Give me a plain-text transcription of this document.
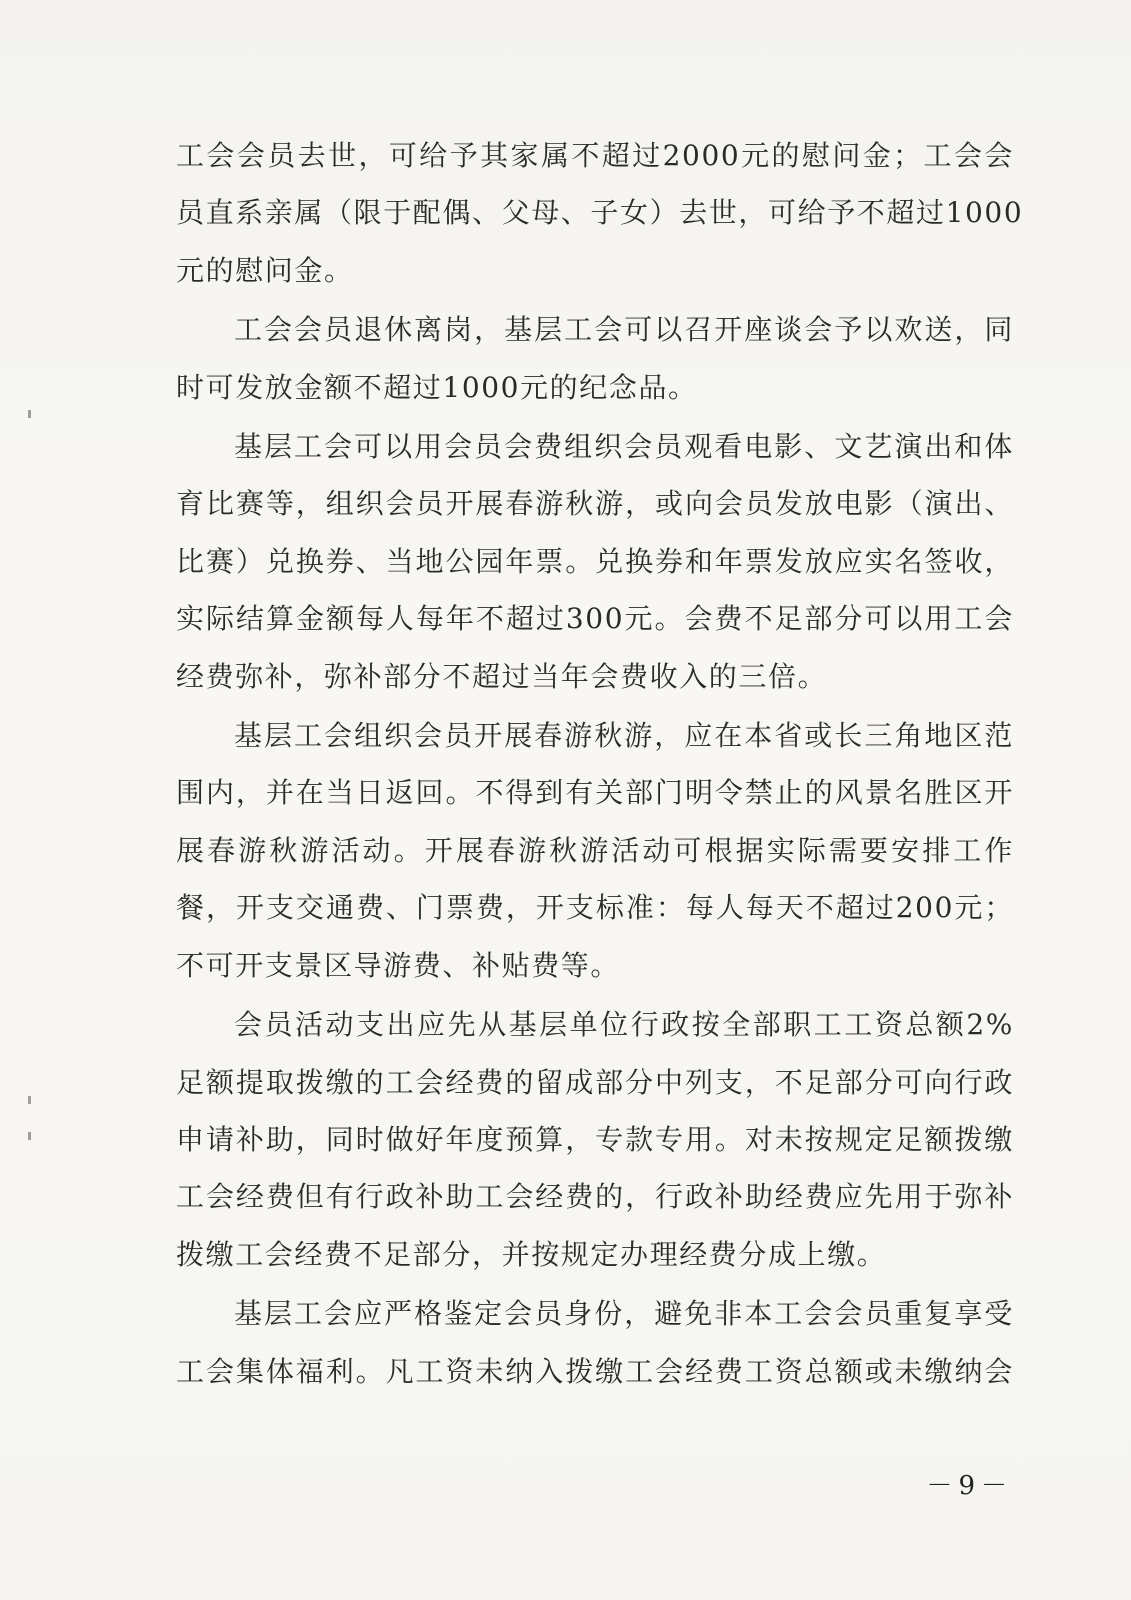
工会会员去世，可给予其家属不超过2000元的慰问金；工会会
员直系亲属（限于配偶、父母、子女）去世，可给予不超过1000
元的慰问金。

工会会员退休离岗，基层工会可以召开座谈会予以欢送，同
时可发放金额不超过1000元的纪念品。

基层工会可以用会员会费组织会员观看电影、文艺演出和体
育比赛等，组织会员开展春游秋游，或向会员发放电影（演出、
比赛）兑换券、当地公园年票。兑换券和年票发放应实名签收，
实际结算金额每人每年不超过300元。会费不足部分可以用工会
经费弥补，弥补部分不超过当年会费收入的三倍。

基层工会组织会员开展春游秋游，应在本省或长三角地区范
围内，并在当日返回。不得到有关部门明令禁止的风景名胜区开
展春游秋游活动。开展春游秋游活动可根据实际需要安排工作
餐，开支交通费、门票费，开支标准：每人每天不超过200元；
不可开支景区导游费、补贴费等。

会员活动支出应先从基层单位行政按全部职工工资总额2%
足额提取拨缴的工会经费的留成部分中列支，不足部分可向行政
申请补助，同时做好年度预算，专款专用。对未按规定足额拨缴
工会经费但有行政补助工会经费的，行政补助经费应先用于弥补
拨缴工会经费不足部分，并按规定办理经费分成上缴。

基层工会应严格鉴定会员身份，避免非本工会会员重复享受
工会集体福利。凡工资未纳入拨缴工会经费工资总额或未缴纳会

－9－
